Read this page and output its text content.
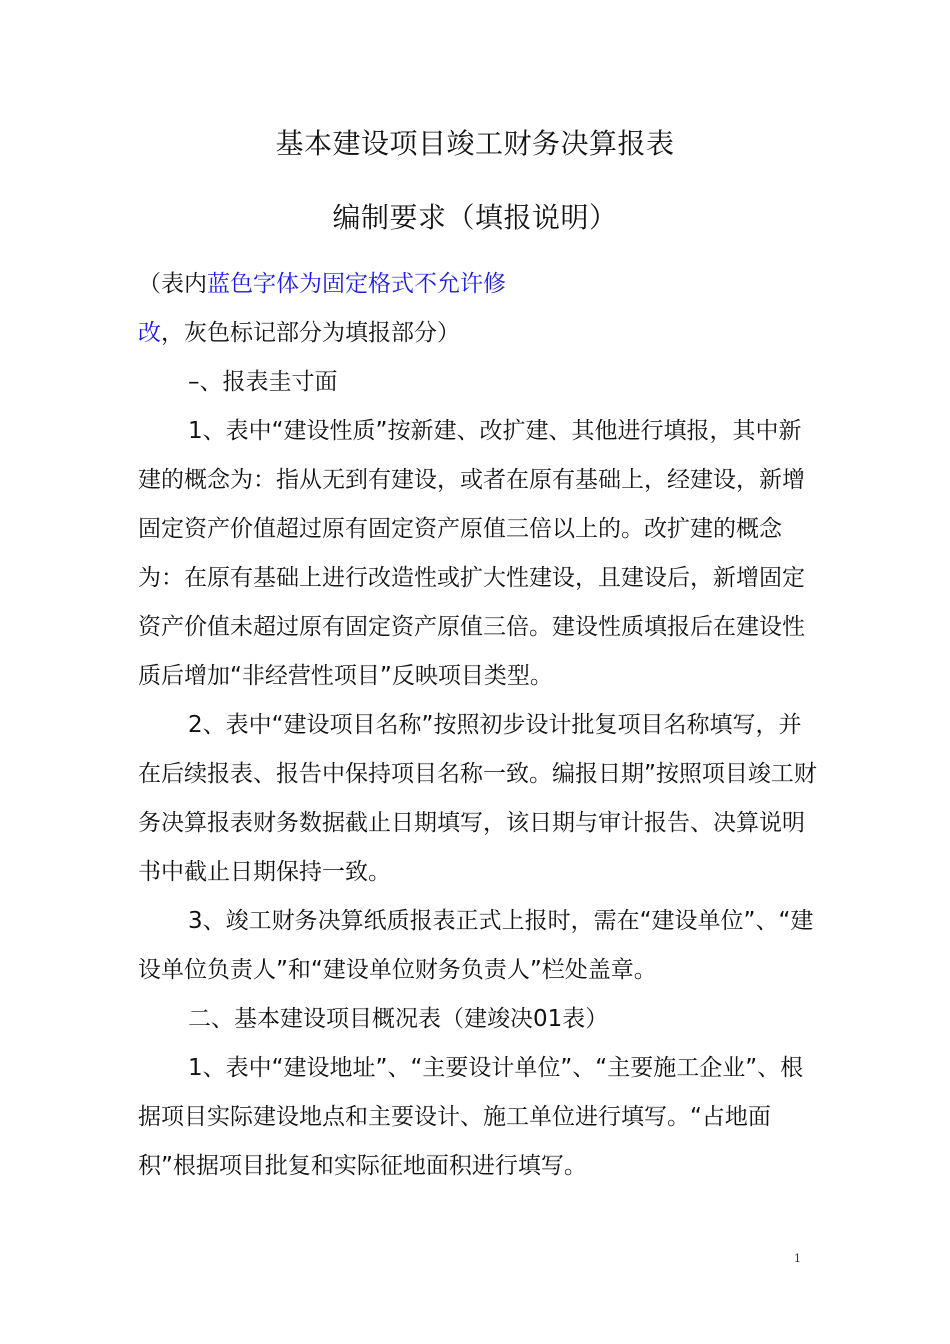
基本建设项目竣工财务决算报表
编制要求（填报说明）
（表内蓝色字体为固定格式不允许修改，灰色标记部分为填报部分）

–、报表圭寸面

1、表中“建设性质”按新建、改扩建、其他进行填报，其中新建的概念为：指从无到有建设，或者在原有基础上，经建设，新增固定资产价值超过原有固定资产原值三倍以上的。改扩建的概念为：在原有基础上进行改造性或扩大性建设，且建设后，新增固定资产价值未超过原有固定资产原值三倍。建设性质填报后在建设性质后增加“非经营性项目”反映项目类型。

2、表中“建设项目名称”按照初步设计批复项目名称填写，并在后续报表、报告中保持项目名称一致。编报日期”按照项目竣工财务决算报表财务数据截止日期填写，该日期与审计报告、决算说明书中截止日期保持一致。

3、竣工财务决算纸质报表正式上报时，需在“建设单位”、“建设单位负责人”和“建设单位财务负责人”栏处盖章。

二、基本建设项目概况表（建竣决01表）

1、表中“建设地址”、“主要设计单位”、“主要施工企业”、根据项目实际建设地点和主要设计、施工单位进行填写。“占地面积”根据项目批复和实际征地面积进行填写。

1
